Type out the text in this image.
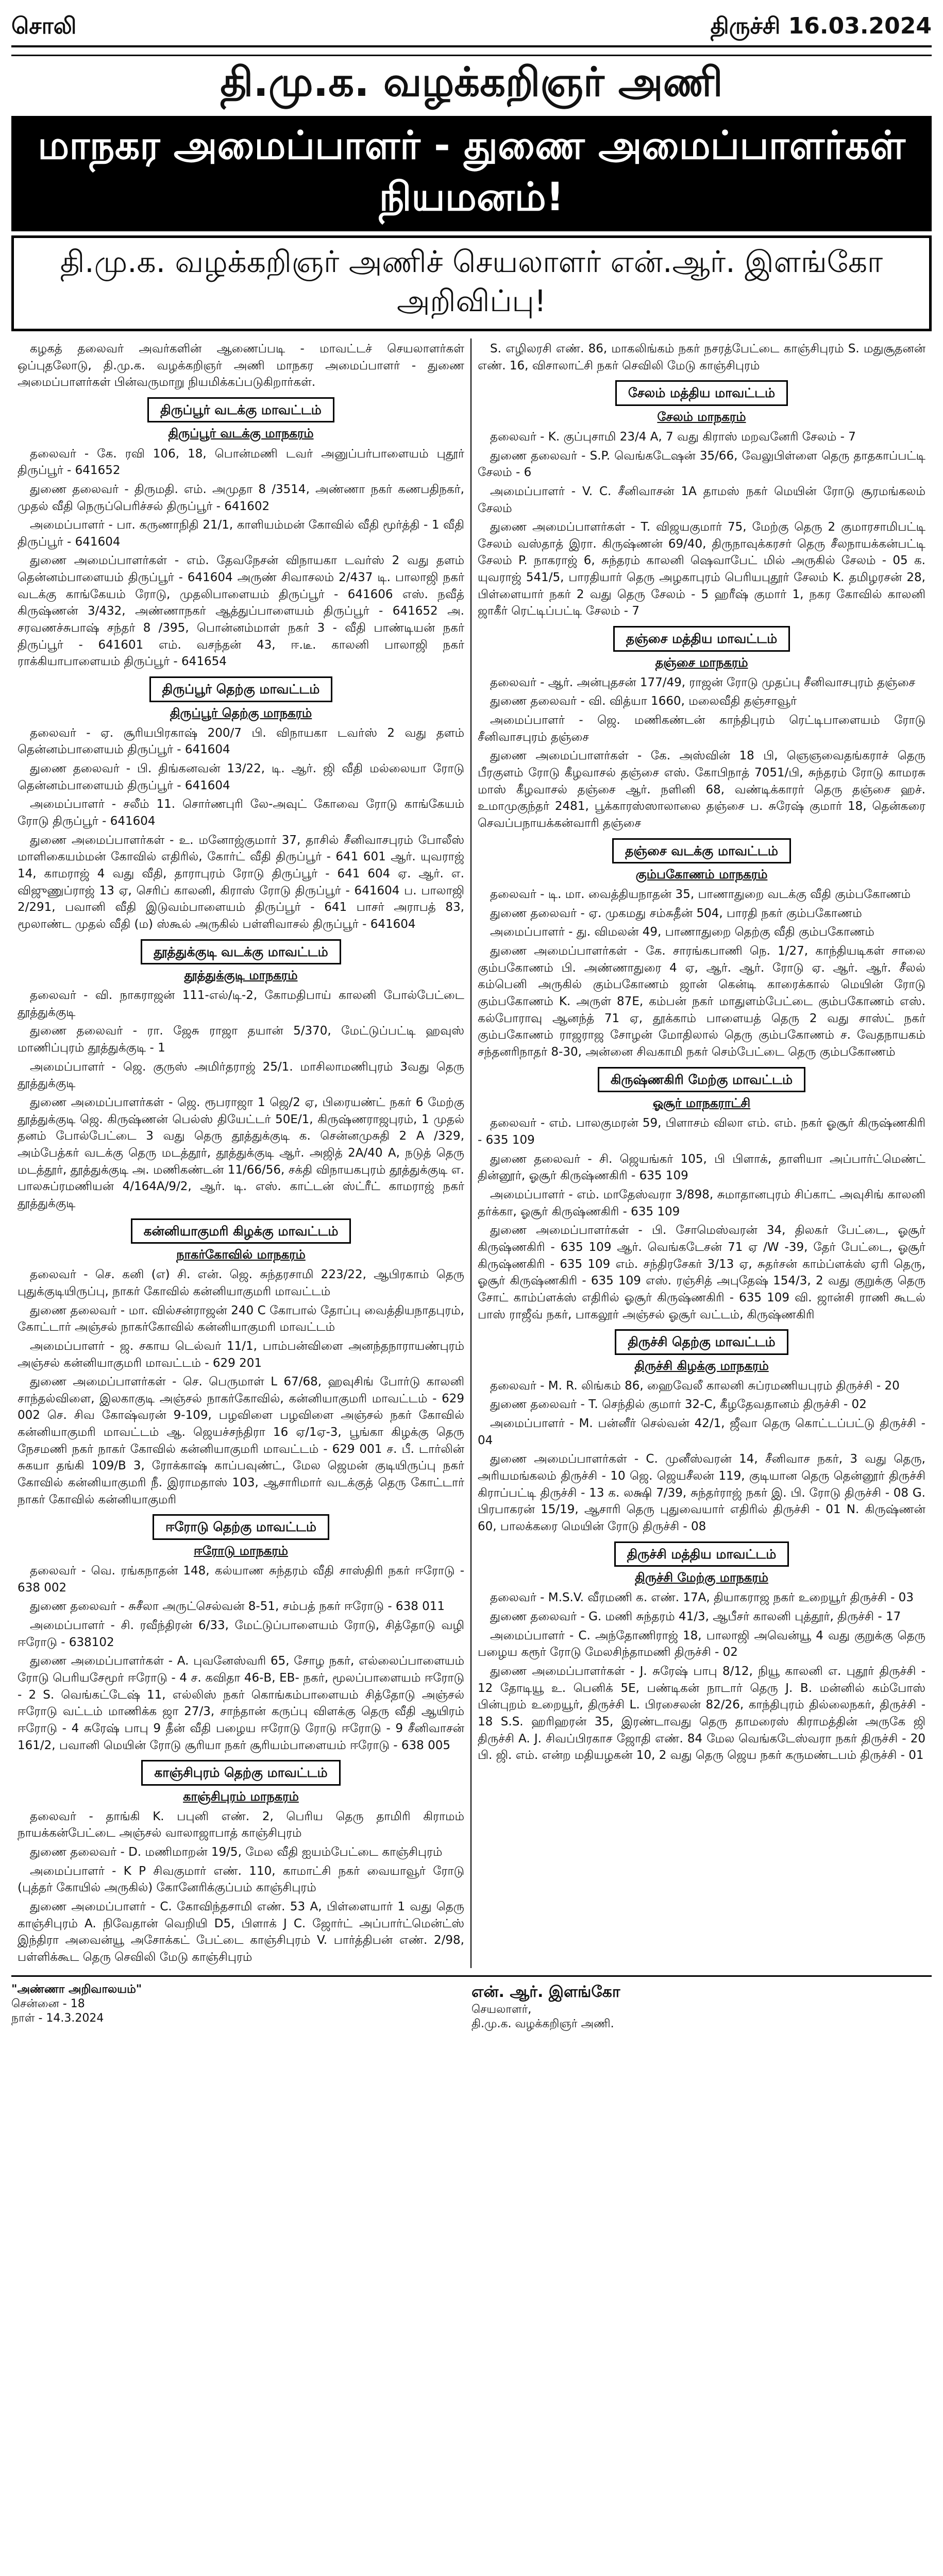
சொலி	திருச்சி 16.03.2024
தி.மு.க. வழக்கறிஞர் அணி
மாநகர அமைப்பாளர் - துணை அமைப்பாளர்கள் நியமனம்!
தி.மு.க. வழக்கறிஞர் அணிச் செயலாளர் என்.ஆர். இளங்கோ அறிவிப்பு!
கழகத் தலைவர் அவர்களின் ஆணைப்படி - மாவட்டச் செயலாளர்கள் ஒப்புதலோடு, தி.மு.க. வழக்கறிஞர் அணி மாநகர அமைப்பாளர் - துணை அமைப்பாளர்கள் பின்வருமாறு நியமிக்கப்படுகிறார்கள்.
திருப்பூர் வடக்கு மாவட்டம்
திருப்பூர் வடக்கு மாநகரம்
தலைவர் - கே. ரவி 106, 18, பொன்மணி டவர் அனுப்பர்பாளையம் புதூர் திருப்பூர் - 641652
துணை தலைவர் - திருமதி. எம். அமுதா 8 /3514, அண்ணா நகர் கணபதிநகர், முதல் வீதி நெருப்பெரிச்சல் திருப்பூர் - 641602
அமைப்பாளர் - பா. கருணாநிதி 21/1, காளியம்மன் கோவில் வீதி மூர்த்தி - 1 வீதி திருப்பூர் - 641604
துணை அமைப்பாளர்கள் - எம். தேவநேசன் விநாயகா டவர்ஸ் 2 வது தளம் தென்னம்பாளையம் திருப்பூர் - 641604 அருண் சிவாசலம் 2/437 டி. பாலாஜி நகர் வடக்கு காங்கேயம் ரோடு, முதலிபாளையம் திருப்பூர் - 641606 எஸ். நவீத் கிருஷ்ணன் 3/432, அண்ணாநகர் ஆத்துப்பாளையம் திருப்பூர் - 641652 அ. சரவணச்சுபாஷ் சந்தர் 8 /395, பொன்னம்மாள் நகர் 3 - வீதி பாண்டியன் நகர் திருப்பூர் - 641601 எம். வசந்தன் 43, ஈ.டீ. காலனி பாலாஜி நகர் ராக்கியாபாளையம் திருப்பூர் - 641654
திருப்பூர் தெற்கு மாவட்டம்
திருப்பூர் தெற்கு மாநகரம்
தலைவர் - ஏ. சூரியபிரகாஷ் 200/7 பி. விநாயகா டவர்ஸ் 2 வது தளம் தென்னம்பாளையம் திருப்பூர் - 641604
துணை தலைவர் - பி. திங்கனவன் 13/22, டி. ஆர். ஜி வீதி மல்லையா ரோடு தென்னம்பாளையம் திருப்பூர் - 641604
அமைப்பாளர் - சலீம் 11. சொர்ணபுரி லே-அவுட் கோவை ரோடு காங்கேயம் ரோடு திருப்பூர் - 641604
துணை அமைப்பாளர்கள் - உ. மனோஜ்குமார் 37, தாசில் சீனிவாசபுரம் போலீஸ் மாளிகையம்மன் கோவில் எதிரில், கோர்ட் வீதி திருப்பூர் - 641 601 ஆர். யுவராஜ் 14, காமராஜ் 4 வது வீதி, தாராபுரம் ரோடு திருப்பூர் - 641 604 ஏ. ஆர். எ. விஜுணுப்ராஜ் 13 ஏ, செரிப் காலனி, கிராஸ் ரோடு திருப்பூர் - 641604 ப. பாலாஜி 2/291, பவானி வீதி இடுவம்பாளையம் திருப்பூர் - 641 பாசர் அராபத் 83, மூலாண்ட முதல் வீதி (ம) ஸ்கூல் அருகில் பள்ளிவாசல் திருப்பூர் - 641604
தூத்துக்குடி வடக்கு மாவட்டம்
தூத்துக்குடி மாநகரம்
தலைவர் - வி. நாகராஜன் 111-எல்/டி-2, கோமதிபாய் காலனி போல்பேட்டை தூத்துக்குடி
துணை தலைவர் - ரா. ஜேசு ராஜா தயான் 5/370, மேட்டுப்பட்டி ஹவுஸ் மாணிப்புரம் தூத்துக்குடி - 1
அமைப்பாளர் - ஜெ. குருஸ் அமிர்தராஜ் 25/1. மாசிலாமணிபுரம் 3வது தெரு தூத்துக்குடி
துணை அமைப்பாளர்கள் - ஜெ. ரூபராஜா 1 ஜெ/2 ஏ, பிரையண்ட் நகர் 6 மேற்கு தூத்துக்குடி ஜெ. கிருஷ்ணன் பெல்ஸ் தியேட்டர் 50E/1, கிருஷ்ணராஜபுரம், 1 முதல் தனம் போல்பேட்டை 3 வது தெரு தூத்துக்குடி க. சென்னமுசுதி 2 A /329, அம்பேத்கர் வடக்கு தெரு மடத்தூர், தூத்துக்குடி ஆர். அஜித் 2A/40 A, நடுத் தெரு மடத்தூர், தூத்துக்குடி அ. மணிகண்டன் 11/66/56, சக்தி விநாயகபுரம் தூத்துக்குடி எ. பாலசுப்ரமணியன் 4/164A/9/2, ஆர். டி. எஸ். காட்டன் ஸ்ட்ரீட் காமராஜ் நகர் தூத்துக்குடி
கன்னியாகுமரி கிழக்கு மாவட்டம்
நாகர்கோவில் மாநகரம்
தலைவர் - செ. கனி (எ) சி. என். ஜெ. சுந்தரசாமி 223/22, ஆபிரகாம் தெரு புதுக்குடியிருப்பு, நாகர் கோவில் கன்னியாகுமரி மாவட்டம்
துணை தலைவர் - மா. வில்சன்ராஜன் 240 C கோபால் தோப்பு வைத்தியநாதபுரம், கோட்டார் அஞ்சல் நாகர்கோவில் கன்னியாகுமரி மாவட்டம்
அமைப்பாளர் - ஜ. சகாய டெல்வர் 11/1, பாம்பன்விளை அனந்தநாராயண்புரம் அஞ்சல் கன்னியாகுமரி மாவட்டம் - 629 201
துணை அமைப்பாளர்கள் - செ. பெருமாள் L 67/68, ஹவுசிங் போர்டு காலனி சாந்தல்விளை, இலகாகுடி அஞ்சல் நாகர்கோவில், கன்னியாகுமரி மாவட்டம் - 629 002 செ. சிவ கோஷ்வரன் 9-109, பழவிளை பழவிளை அஞ்சல் நகர் கோவில் கன்னியாகுமரி மாவட்டம் ஆ. ஜெயச்சந்திரா 16 ஏ/1ஏ-3, பூங்கா கிழக்கு தெரு நேசமணி நகர் நாகர் கோவில் கன்னியாகுமரி மாவட்டம் - 629 001 ச. பீ. டார்லின் சுகயா தங்கி 109/B 3, ரோக்காஷ் காப்பவுண்ட், மேல ஜெமன் குடியிருப்பு நகர் கோவில் கன்னியாகுமரி நீ. இராமதாஸ் 103, ஆசாரிமார் வடக்குத் தெரு கோட்டார் நாகர் கோவில் கன்னியாகுமரி
ஈரோடு தெற்கு மாவட்டம்
ஈரோடு மாநகரம்
தலைவர் - வெ. ரங்கநாதன் 148, கல்யாண சுந்தரம் வீதி சாஸ்திரி நகர் ஈரோடு - 638 002
துணை தலைவர் - சுசீலா அருட்செல்வன் 8-51, சம்பத் நகர் ஈரோடு - 638 011
அமைப்பாளர் - சி. ரவீந்திரன் 6/33, மேட்டுப்பாளையம் ரோடு, சித்தோடு வழி ஈரோடு - 638102
துணை அமைப்பாளர்கள் - A. புவனேஸ்வரி 65, சோழ நகர், எல்லைப்பாளையம் ரோடு பெரியசேமூர் ஈரோடு - 4 ச. கவிதா 46-B, EB- நகர், மூலப்பாளையம் ஈரோடு - 2 S. வெங்கட்டேஷ் 11, எல்லிஸ் நகர் கொங்கம்பாளையம் சித்தோடு அஞ்சல் ஈரோடு வட்டம் மாணிக்க ஜா 27/3, சாந்தான் கருப்பு விளக்கு தெரு வீதி ஆயிரம் ஈரோடு - 4 சுரேஷ் பாபு 9 தீன் வீதி பழைய ஈரோடு ரோடு ஈரோடு - 9 சீனிவாசன் 161/2, பவானி மெயின் ரோடு சூரியா நகர் சூரியம்பாளையம் ஈரோடு - 638 005
காஞ்சிபுரம் தெற்கு மாவட்டம்
காஞ்சிபுரம் மாநகரம்
தலைவர் - தாங்கி K. பபுனி எண். 2, பெரிய தெரு தாமிரி கிராமம் நாயக்கன்பேட்டை அஞ்சல் வாலாஜாபாத் காஞ்சிபுரம்
துணை தலைவர் - D. மணிமாறன் 19/5, மேல வீதி ஐயம்பேட்டை காஞ்சிபுரம்
அமைப்பாளர் - K P சிவகுமார் எண். 110, காமாட்சி நகர் வையாவூர் ரோடு (புத்தர் கோயில் அருகில்) கோனேரிக்குப்பம் காஞ்சிபுரம்
துணை அமைப்பாளர் - C. கோவிந்தசாமி எண். 53 A, பிள்ளையார் 1 வது தெரு காஞ்சிபுரம் A. நிவேதான் வெறியி D5, பிளாக் J C. ஜோர்ட் அப்பார்ட்மென்ட்ஸ் இந்திரா அவைன்யூ அசோக்கட் பேட்டை காஞ்சிபுரம் V. பார்த்திபன் எண். 2/98, பள்ளிக்கூட தெரு செவிலி மேடு காஞ்சிபுரம்
S. எழிலரசி எண். 86, மாகலிங்கம் நகர் நசரத்பேட்டை காஞ்சிபுரம் S. மதுசூதனன் எண். 16, விசாலாட்சி நகர் செவிலி மேடு காஞ்சிபுரம்
சேலம் மத்திய மாவட்டம்
சேலம் மாநகரம்
தலைவர் - K. குப்புசாமி 23/4 A, 7 வது கிராஸ் மறவனேரி சேலம் - 7
துணை தலைவர் - S.P. வெங்கடேஷன் 35/66, வேலுபிள்ளை தெரு தாதகாப்பட்டி சேலம் - 6
அமைப்பாளர் - V. C. சீனிவாசன் 1A தாமஸ் நகர் மெயின் ரோடு சூரமங்கலம் சேலம்
துணை அமைப்பாளர்கள் - T. விஜயகுமார் 75, மேற்கு தெரு 2 குமாரசாமிபட்டி சேலம் வஸ்தாத் இரா. கிருஷ்ணன் 69/40, திருநாவுக்கரசர் தெரு சீலநாயக்கன்பட்டி சேலம் P. நாகராஜ் 6, சுந்தரம் காலனி ஷெவாபேட் மில் அருகில் சேலம் - 05 க. யுவராஜ் 541/5, பாரதியார் தெரு அழகாபுரம் பெரியபுதூர் சேலம் K. தமிழரசன் 28, பிள்ளையார் நகர் 2 வது தெரு சேலம் - 5 ஹரீஷ் குமார் 1, நகர கோவில் காலனி ஜாகீர் ரெட்டிப்பட்டி சேலம் - 7
தஞ்சை மத்திய மாவட்டம்
தஞ்சை மாநகரம்
தலைவர் - ஆர். அன்புதசன் 177/49, ராஜன் ரோடு முதப்பு சீனிவாசபுரம் தஞ்சை
துணை தலைவர் - வி. வித்யா 1660, மலைவீதி தஞ்சாவூர்
அமைப்பாளர் - ஜெ. மணிகண்டன் காந்திபுரம் ரெட்டிபாளையம் ரோடு சீனிவாசபுரம் தஞ்சை
துணை அமைப்பாளர்கள் - கே. அஸ்வின் 18 பி, ஞெஞவைதங்கராச் தெரு பீரகுளம் ரோடு கீழவாசல் தஞ்சை எஸ். கோபிநாத் 7051/பி, சுந்தரம் ரோடு காமரசு மாஸ் கீழவாசல் தஞ்சை ஆர். நளினி 68, வண்டிக்காரர் தெரு தஞ்சை ஹச். உமாமுகுந்தர் 2481, பூக்காரஸ்ஸாலாலை தஞ்சை ப. சுரேஷ் குமார் 18, தென்கரை செவப்பநாயக்கன்வாரி தஞ்சை
தஞ்சை வடக்கு மாவட்டம்
கும்பகோணம் மாநகரம்
தலைவர் - டி. மா. வைத்தியநாதன் 35, பாணாதுறை வடக்கு வீதி கும்பகோணம்
துணை தலைவர் - ஏ. முகமது சம்சுதீன் 504, பாரதி நகர் கும்பகோணம்
அமைப்பாளர் - து. விமலன் 49, பாணாதுறை தெற்கு வீதி கும்பகோணம்
துணை அமைப்பாளர்கள் - கே. சாரங்கபாணி நெ. 1/27, காந்தியடிகள் சாலை கும்பகோணம் பி. அண்ணாதுரை 4 ஏ, ஆர். ஆர். ரோடு ஏ. ஆர். ஆர். சீலல் கம்பெனி அருகில் கும்பகோணம் ஜான் கென்டி காரைக்கால் மெயின் ரோடு கும்பகோணம் K. அருள் 87E, கம்பன் நகர் மாதுளம்பேட்டை கும்பகோணம் எஸ். கல்போராவு ஆனந்த் 71 ஏ, தூக்காம் பாளையத் தெரு 2 வது சாஸ்ட் நகர் கும்பகோணம் ராஜராஜ சோழன் மோதிலால் தெரு கும்பகோணம் ச. வேதநாயகம் சந்தனரிநாதர் 8-30, அன்னை சிவகாமி நகர் செம்பேட்டை தெரு கும்பகோணம்
கிருஷ்ணகிரி மேற்கு மாவட்டம்
ஓசூர் மாநகராட்சி
தலைவர் - எம். பாலகுமரன் 59, பிளாசம் விலா எம். எம். நகர் ஓசூர் கிருஷ்ணகிரி - 635 109
துணை தலைவர் - சி. ஜெயங்கர் 105, பி பிளாக், தாளியா அப்பார்ட்மெண்ட் தின்னூர், ஓசூர் கிருஷ்ணகிரி - 635 109
அமைப்பாளர் - எம். மாதேஸ்வரா 3/898, சுமாதானபுரம் சிப்காட் அவுசிங் காலனி தர்க்கா, ஓசூர் கிருஷ்ணகிரி - 635 109
துணை அமைப்பாளர்கள் - பி. சோமெஸ்வரன் 34, திலகர் பேட்டை, ஓசூர் கிருஷ்ணகிரி - 635 109 ஆர். வெங்கடேசன் 71 ஏ /W -39, தேர் பேட்டை, ஓசூர் கிருஷ்ணகிரி - 635 109 எம். சந்திரசேகர் 3/13 ஏ, சுதர்சன் காம்ப்ளக்ஸ் ஏரி தெரு, ஓசூர் கிருஷ்ணகிரி - 635 109 எஸ். ரஞ்சித் அபுதேஷ் 154/3, 2 வது குறுக்கு தெரு சோட் காம்ப்ளக்ஸ் எதிரில் ஓசூர் கிருஷ்ணகிரி - 635 109 வி. ஜான்சி ராணி கூடல் பாஸ் ராஜீவ் நகர், பாகலூர் அஞ்சல் ஓசூர் வட்டம், கிருஷ்ணகிரி
திருச்சி தெற்கு மாவட்டம்
திருச்சி கிழக்கு மாநகரம்
தலைவர் - M. R. லிங்கம் 86, ஹைவேலீ காலனி சுப்ரமணியபுரம் திருச்சி - 20
துணை தலைவர் - T. செந்தில் குமார் 32-C, கீழதேவதானம் திருச்சி - 02
அமைப்பாளர் - M. பன்னீர் செல்வன் 42/1, ஜீவா தெரு கொட்டப்பட்டு திருச்சி - 04
துணை அமைப்பாளர்கள் - C. முனீஸ்வரன் 14, சீனிவாச நகர், 3 வது தெரு, அரியமங்கலம் திருச்சி - 10 ஜெ. ஜெயசீலன் 119, குடியான தெரு தென்னூர் திருச்சி கிராப்பட்டி திருச்சி - 13 க. லக்ஷி 7/39, சுந்தர்ராஜ் நகர் இ. பி. ரோடு திருச்சி - 08 G. பிரபாகரன் 15/19, ஆசாரி தெரு புதுவையார் எதிரில் திருச்சி - 01 N. கிருஷ்ணன் 60, பாலக்கரை மெயின் ரோடு திருச்சி - 08
திருச்சி மத்திய மாவட்டம்
திருச்சி மேற்கு மாநகரம்
தலைவர் - M.S.V. வீரமணி க. எண். 17A, தியாகராஜ நகர் உறையூர் திருச்சி - 03
துணை தலைவர் - G. மணி சுந்தரம் 41/3, ஆபீசர் காலனி புத்தூர், திருச்சி - 17
அமைப்பாளர் - C. அந்தோணிராஜ் 18, பாலாஜி அவென்யூ 4 வது குறுக்கு தெரு பழைய கரூர் ரோடு மேலசிந்தாமணி திருச்சி - 02
துணை அமைப்பாளர்கள் - J. சுரேஷ் பாபு 8/12, நியூ காலனி எ. புதூர் திருச்சி - 12 தோடியூ உ. பெனிக் 5E, பண்டிகன் நாடார் தெரு J. B. மன்னில் கம்போஸ் பின்புறம் உறையூர், திருச்சி L. பிரசைலன் 82/26, காந்திபுரம் தில்லைநகர், திருச்சி - 18 S.S. ஹரிஹரன் 35, இரண்டாவது தெரு தாமரைஸ் கிராமத்தின் அருகே ஜி திருச்சி A. J. சிவப்பிரகாச ஜோதி எண். 84 மேல வெங்கடேஸ்வரா நகர் திருச்சி - 20 பி. ஜி. எம். என்ற மதியழகன் 10, 2 வது தெரு ஜெய நகர் கருமண்டபம் திருச்சி - 01
"அண்ணா அறிவாலயம்"
சென்னை - 18
நாள் - 14.3.2024
என். ஆர். இளங்கோ
செயலாளர்,
தி.மு.க. வழக்கறிஞர் அணி.
